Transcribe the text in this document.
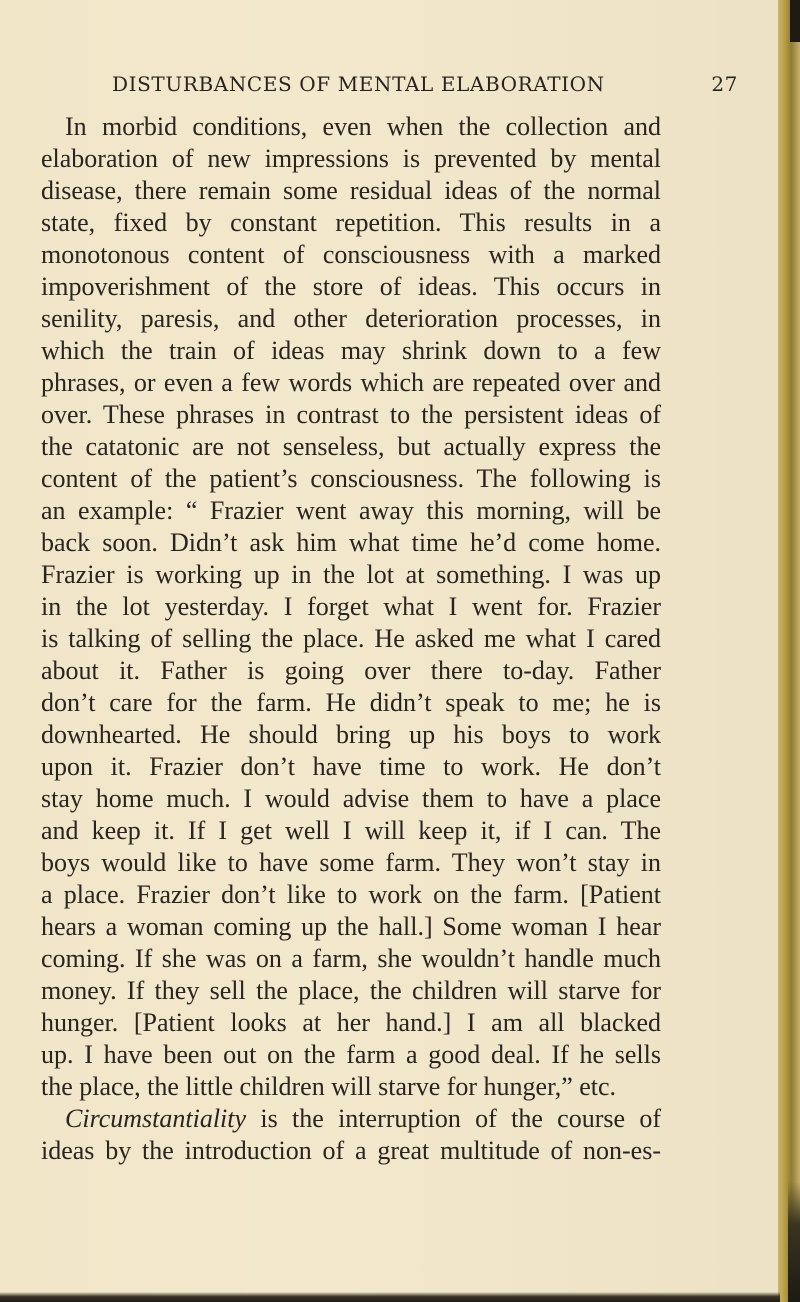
DISTURBANCES OF MENTAL ELABORATION	27
In morbid conditions, even when the collection and
elaboration of new impressions is prevented by mental
disease, there remain some residual ideas of the normal
state, fixed by constant repetition. This results in a
monotonous content of consciousness with a marked
impoverishment of the store of ideas. This occurs in
senility, paresis, and other deterioration processes, in
which the train of ideas may shrink down to a few
phrases, or even a few words which are repeated over and
over. These phrases in contrast to the persistent ideas of
the catatonic are not senseless, but actually express the
content of the patient’s consciousness. The following is
an example: “ Frazier went away this morning, will be
back soon. Didn’t ask him what time he’d come home.
Frazier is working up in the lot at something. I was up
in the lot yesterday. I forget what I went for. Frazier
is talking of selling the place. He asked me what I cared
about it. Father is going over there to-day. Father
don’t care for the farm. He didn’t speak to me; he is
downhearted. He should bring up his boys to work
upon it. Frazier don’t have time to work. He don’t
stay home much. I would advise them to have a place
and keep it. If I get well I will keep it, if I can. The
boys would like to have some farm. They won’t stay in
a place. Frazier don’t like to work on the farm. [Patient
hears a woman coming up the hall.] Some woman I hear
coming. If she was on a farm, she wouldn’t handle much
money. If they sell the place, the children will starve for
hunger. [Patient looks at her hand.] I am all blacked
up. I have been out on the farm a good deal. If he sells
the place, the little children will starve for hunger,” etc.
Circumstantiality is the interruption of the course of
ideas by the introduction of a great multitude of non-es-
